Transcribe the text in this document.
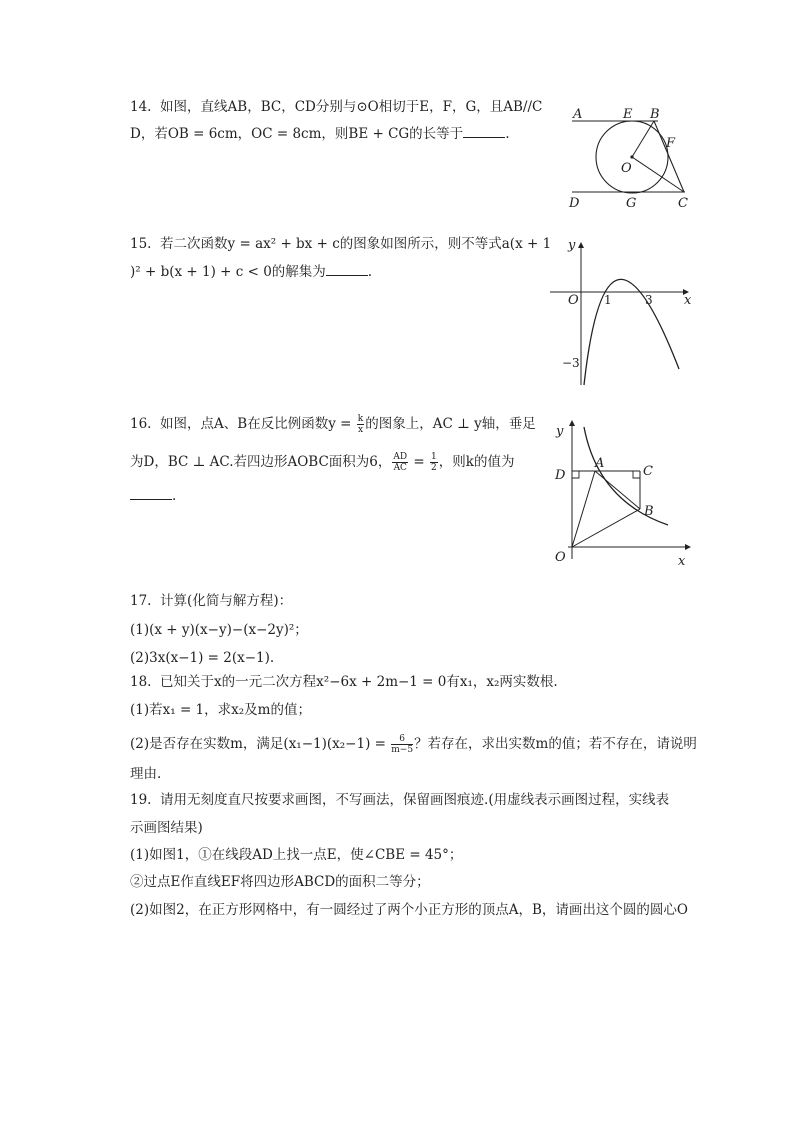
14.  如图，直线AB，BC，CD分别与⊙O相切于E，F，G，且AB//C
D，若OB = 6cm，OC = 8cm，则BE + CG的长等于	.
A	E B
F
O
D	G	C
15.  若二次函数y = ax² + bx + c的图象如图所示，则不等式a(x + 1
)² + b(x + 1) + c < 0的解集为	.
y
x
O 1	3
−3
16.  如图，点A、B在反比例函数$y = \frac{k}{x}$ 的图象上，AC ⊥ y轴，垂足
为D，BC ⊥ AC.若四边形AOBC面积为6， $\frac{AD}{AC} = \frac{1}{2}$ ，则k的值为
.
y
x
D
A
C
B
O
17.  计算(化简与解方程)：
(1)(x + y)(x−y)−(x−2y)²；
(2)3x(x−1) = 2(x−1).
18.  已知关于x的一元二次方程x²−6x + 2m−1 = 0有x₁，x₂两实数根.
(1)若x₁ = 1，求x₂及m的值；
(2)是否存在实数m，满足$(x_1-1)(x_2-1) = \frac{6}{m-5}$ ？若存在，求出实数m的值；若不存在，请说明
理由.
19.  请用无刻度直尺按要求画图，不写画法，保留画图痕迹.(用虚线表示画图过程，实线表
示画图结果)
(1)如图1，①在线段AD上找一点E，使∠CBE = 45°；
②过点E作直线EF将四边形ABCD的面积二等分；
(2)如图2，在正方形网格中，有一圆经过了两个小正方形的顶点A，B，请画出这个圆的圆心O
